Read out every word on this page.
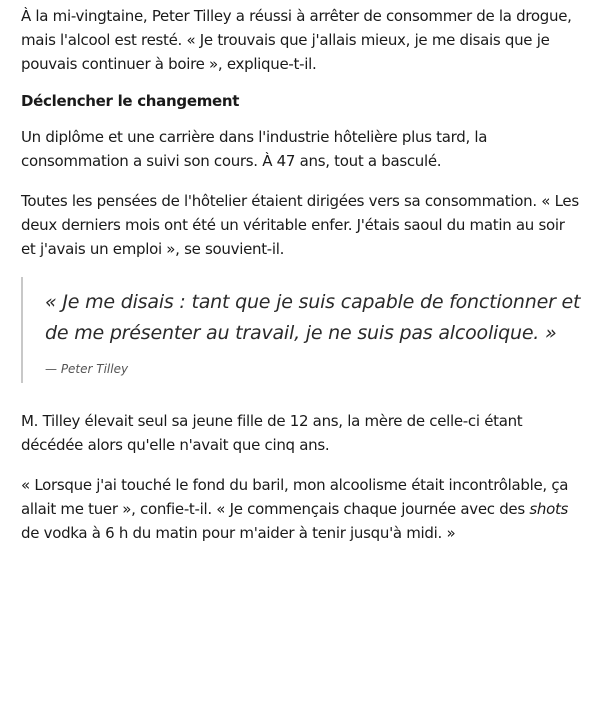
À la mi-vingtaine, Peter Tilley a réussi à arrêter de consommer de la drogue, mais l'alcool est resté. « Je trouvais que j'allais mieux, je me disais que je pouvais continuer à boire », explique-t-il.

Déclencher le changement

Un diplôme et une carrière dans l'industrie hôtelière plus tard, la consommation a suivi son cours. À 47 ans, tout a basculé.

Toutes les pensées de l'hôtelier étaient dirigées vers sa consommation. « Les deux derniers mois ont été un véritable enfer. J'étais saoul du matin au soir et j'avais un emploi », se souvient-il.

« Je me disais : tant que je suis capable de fonctionner et de me présenter au travail, je ne suis pas alcoolique. »

— Peter Tilley

M. Tilley élevait seul sa jeune fille de 12 ans, la mère de celle-ci étant décédée alors qu'elle n'avait que cinq ans.

« Lorsque j'ai touché le fond du baril, mon alcoolisme était incontrôlable, ça allait me tuer », confie-t-il. « Je commençais chaque journée avec des shots de vodka à 6 h du matin pour m'aider à tenir jusqu'à midi. »
